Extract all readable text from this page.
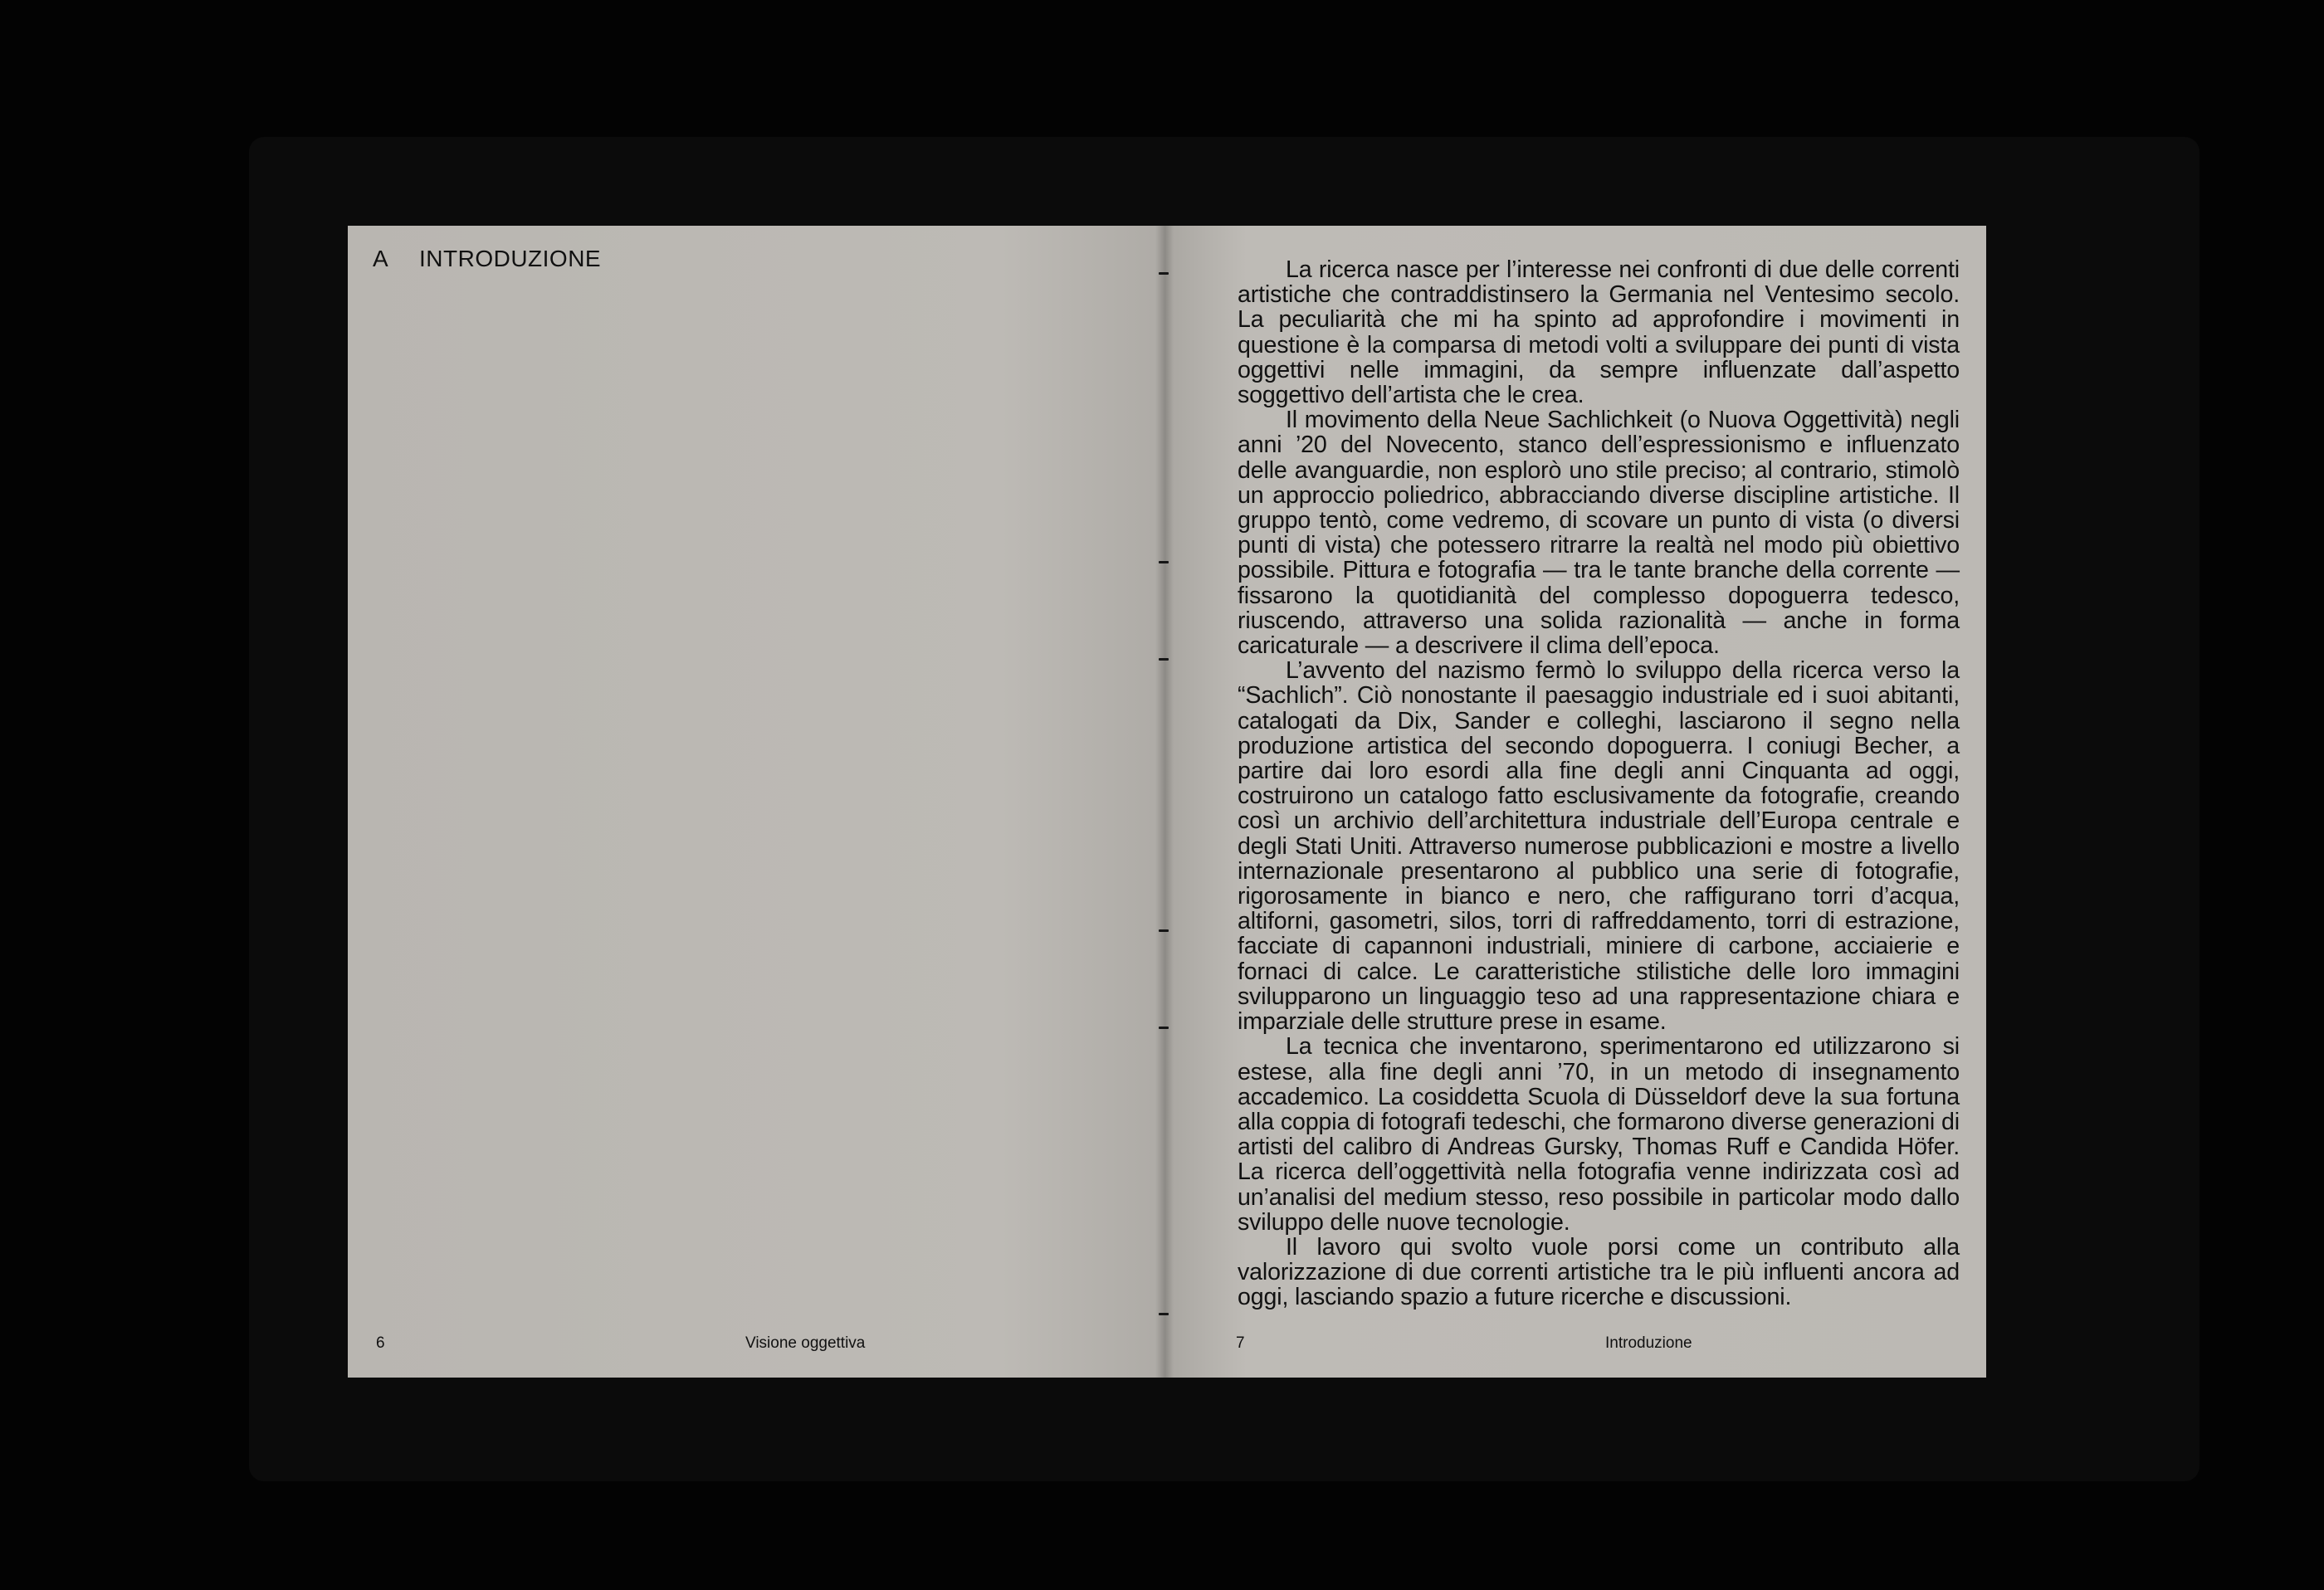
A INTRODUZIONE
6	Visione oggettiva

La ricerca nasce per l’interesse nei confronti di due delle correnti artistiche che contraddistinsero la Germania nel Ventesimo secolo. La peculiarità che mi ha spinto ad approfondire i movimenti in questione è la comparsa di metodi volti a sviluppare dei punti di vista oggettivi nelle immagini, da sempre influenzate dall’aspetto soggettivo dell’artista che le crea.

Il movimento della Neue Sachlichkeit (o Nuova Oggettività) negli anni ’20 del Novecento, stanco dell’espressionismo e influenzato delle avanguardie, non esplorò uno stile preciso; al contrario, stimolò un approccio poliedrico, abbracciando diverse discipline artistiche. Il gruppo tentò, come vedremo, di scovare un punto di vista (o diversi punti di vista) che potessero ritrarre la realtà nel modo più obiettivo possibile. Pittura e fotografia — tra le tante branche della corrente — fissarono la quotidianità del complesso dopoguerra tedesco, riuscendo, attraverso una solida razionalità — anche in forma caricaturale — a descrivere il clima dell’epoca.

L’avvento del nazismo fermò lo sviluppo della ricerca verso la “Sachlich”. Ciò nonostante il paesaggio industriale ed i suoi abitanti, catalogati da Dix, Sander e colleghi, lasciarono il segno nella produzione artistica del secondo dopoguerra. I coniugi Becher, a partire dai loro esordi alla fine degli anni Cinquanta ad oggi, costruirono un catalogo fatto esclusivamente da fotografie, creando così un archivio dell’architettura industriale dell’Europa centrale e degli Stati Uniti. Attraverso numerose pubblicazioni e mostre a livello internazionale presentarono al pubblico una serie di fotografie, rigorosamente in bianco e nero, che raffigurano torri d’acqua, altiforni, gasometri, silos, torri di raffreddamento, torri di estrazione, facciate di capannoni industriali, miniere di carbone, acciaierie e fornaci di calce. Le caratteristiche stilistiche delle loro immagini svilupparono un linguaggio teso ad una rappresentazione chiara e imparziale delle strutture prese in esame.

La tecnica che inventarono, sperimentarono ed utilizzarono si estese, alla fine degli anni ’70, in un metodo di insegnamento accademico. La cosiddetta Scuola di Düsseldorf deve la sua fortuna alla coppia di fotografi tedeschi, che formarono diverse generazioni di artisti del calibro di Andreas Gursky, Thomas Ruff e Candida Höfer. La ricerca dell’oggettività nella fotografia venne indirizzata così ad un’analisi del medium stesso, reso possibile in particolar modo dallo sviluppo delle nuove tecnologie.

Il lavoro qui svolto vuole porsi come un contributo alla valorizzazione di due correnti artistiche tra le più influenti ancora ad oggi, lasciando spazio a future ricerche e discussioni.

7	Introduzione
